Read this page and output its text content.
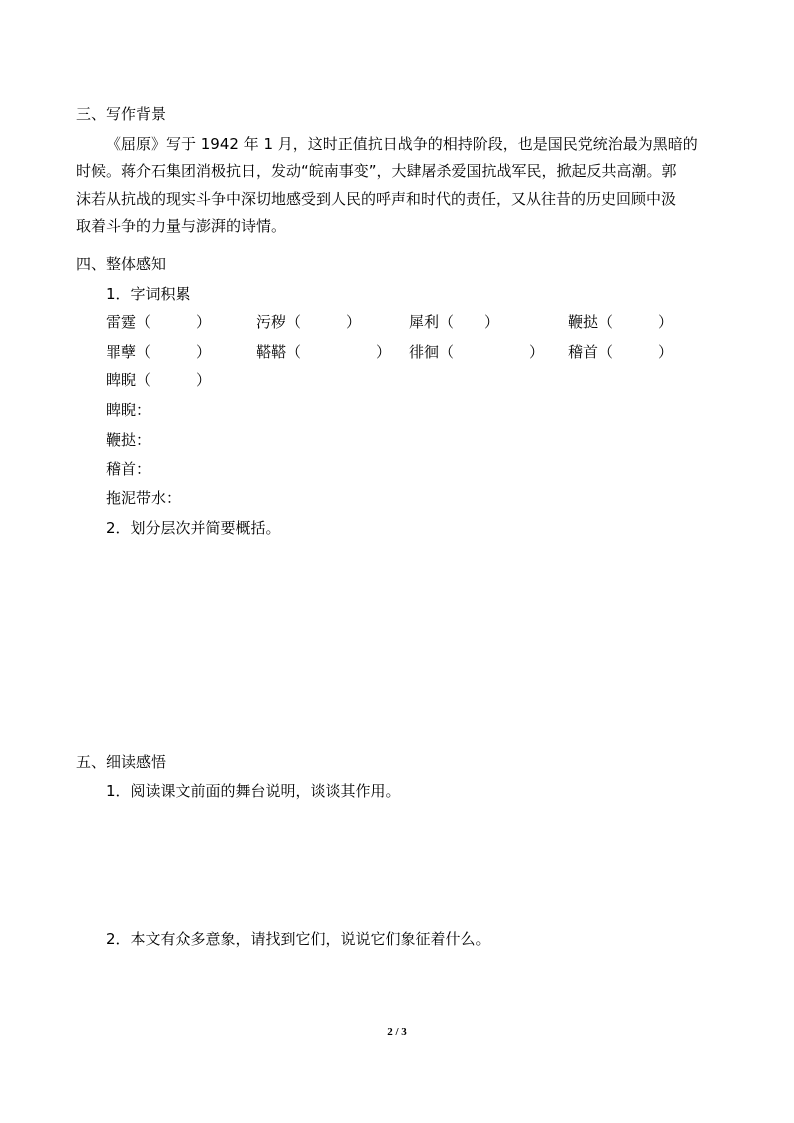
三、写作背景
《屈原》写于 1942 年 1 月，这时正值抗日战争的相持阶段，也是国民党统治最为黑暗的
时候。蒋介石集团消极抗日，发动“皖南事变”，大肆屠杀爱国抗战军民，掀起反共高潮。郭
沫若从抗战的现实斗争中深切地感受到人民的呼声和时代的责任，又从往昔的历史回顾中汲
取着斗争的力量与澎湃的诗情。
四、整体感知
1．字词积累
雷霆（　　　）	污秽（　　　）	犀利（　　）	鞭挞（　　　）
罪孽（　　　）	鞳鞳（　　　　　） 徘徊（　　　　　） 稽首（　　　）
睥睨（　　　）
睥睨：
鞭挞：
稽首：
拖泥带水：
2．划分层次并简要概括。
五、细读感悟
1．阅读课文前面的舞台说明，谈谈其作用。
2．本文有众多意象，请找到它们，说说它们象征着什么。
2 / 3
